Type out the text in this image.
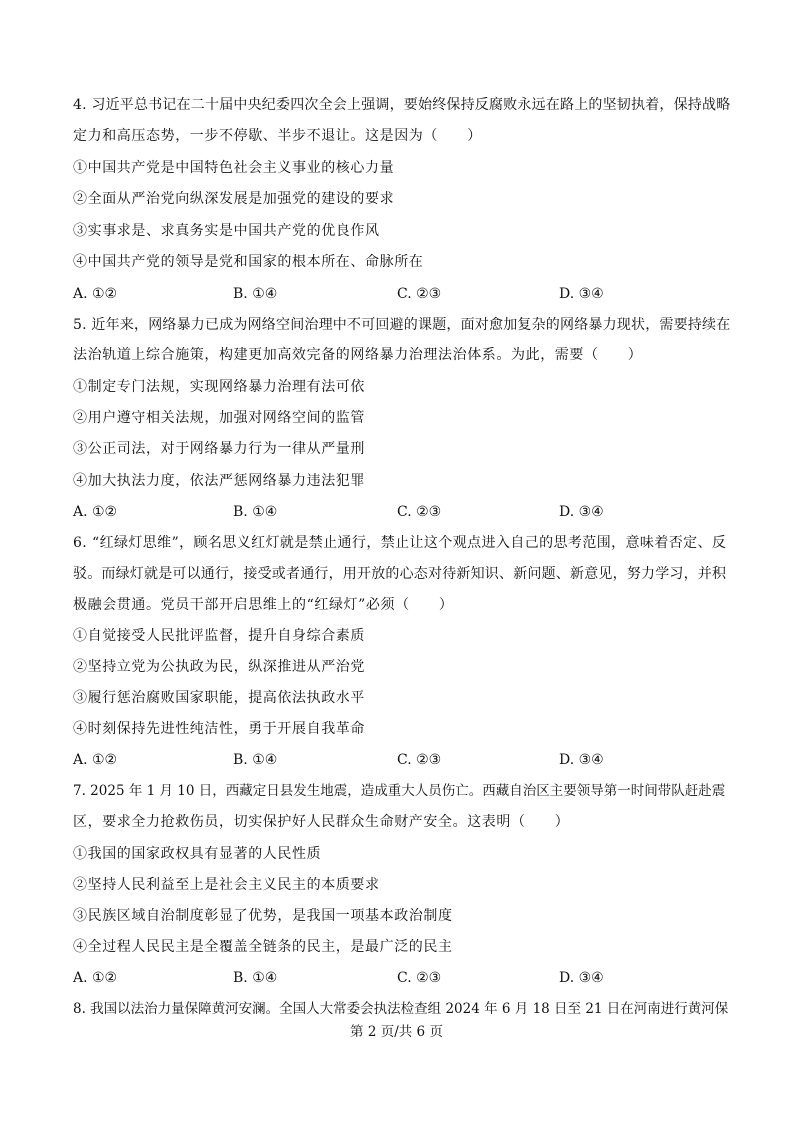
4. 习近平总书记在二十届中央纪委四次全会上强调，要始终保持反腐败永远在路上的坚韧执着，保持战略
定力和高压态势，一步不停歇、半步不退让。这是因为（　　）
①中国共产党是中国特色社会主义事业的核心力量
②全面从严治党向纵深发展是加强党的建设的要求
③实事求是、求真务实是中国共产党的优良作风
④中国共产党的领导是党和国家的根本所在、命脉所在
A. ①②	B. ①④	C. ②③	D. ③④
5. 近年来，网络暴力已成为网络空间治理中不可回避的课题，面对愈加复杂的网络暴力现状，需要持续在
法治轨道上综合施策，构建更加高效完备的网络暴力治理法治体系。为此，需要（　　）
①制定专门法规，实现网络暴力治理有法可依
②用户遵守相关法规，加强对网络空间的监管
③公正司法，对于网络暴力行为一律从严量刑
④加大执法力度，依法严惩网络暴力违法犯罪
A. ①②	B. ①④	C. ②③	D. ③④
6. “红绿灯思维”，顾名思义红灯就是禁止通行，禁止让这个观点进入自己的思考范围，意味着否定、反
驳。而绿灯就是可以通行，接受或者通行，用开放的心态对待新知识、新问题、新意见，努力学习，并积
极融会贯通。党员干部开启思维上的“红绿灯”必须（　　）
①自觉接受人民批评监督，提升自身综合素质
②坚持立党为公执政为民，纵深推进从严治党
③履行惩治腐败国家职能，提高依法执政水平
④时刻保持先进性纯洁性，勇于开展自我革命
A. ①②	B. ①④	C. ②③	D. ③④
7. 2025 年 1 月 10 日，西藏定日县发生地震，造成重大人员伤亡。西藏自治区主要领导第一时间带队赶赴震
区，要求全力抢救伤员，切实保护好人民群众生命财产安全。这表明（　　）
①我国的国家政权具有显著的人民性质
②坚持人民利益至上是社会主义民主的本质要求
③民族区域自治制度彰显了优势，是我国一项基本政治制度
④全过程人民民主是全覆盖全链条的民主，是最广泛的民主
A. ①②	B. ①④	C. ②③	D. ③④
8. 我国以法治力量保障黄河安澜。全国人大常委会执法检查组 2024 年 6 月 18 日至 21 日在河南进行黄河保
第 2 页/共 6 页
